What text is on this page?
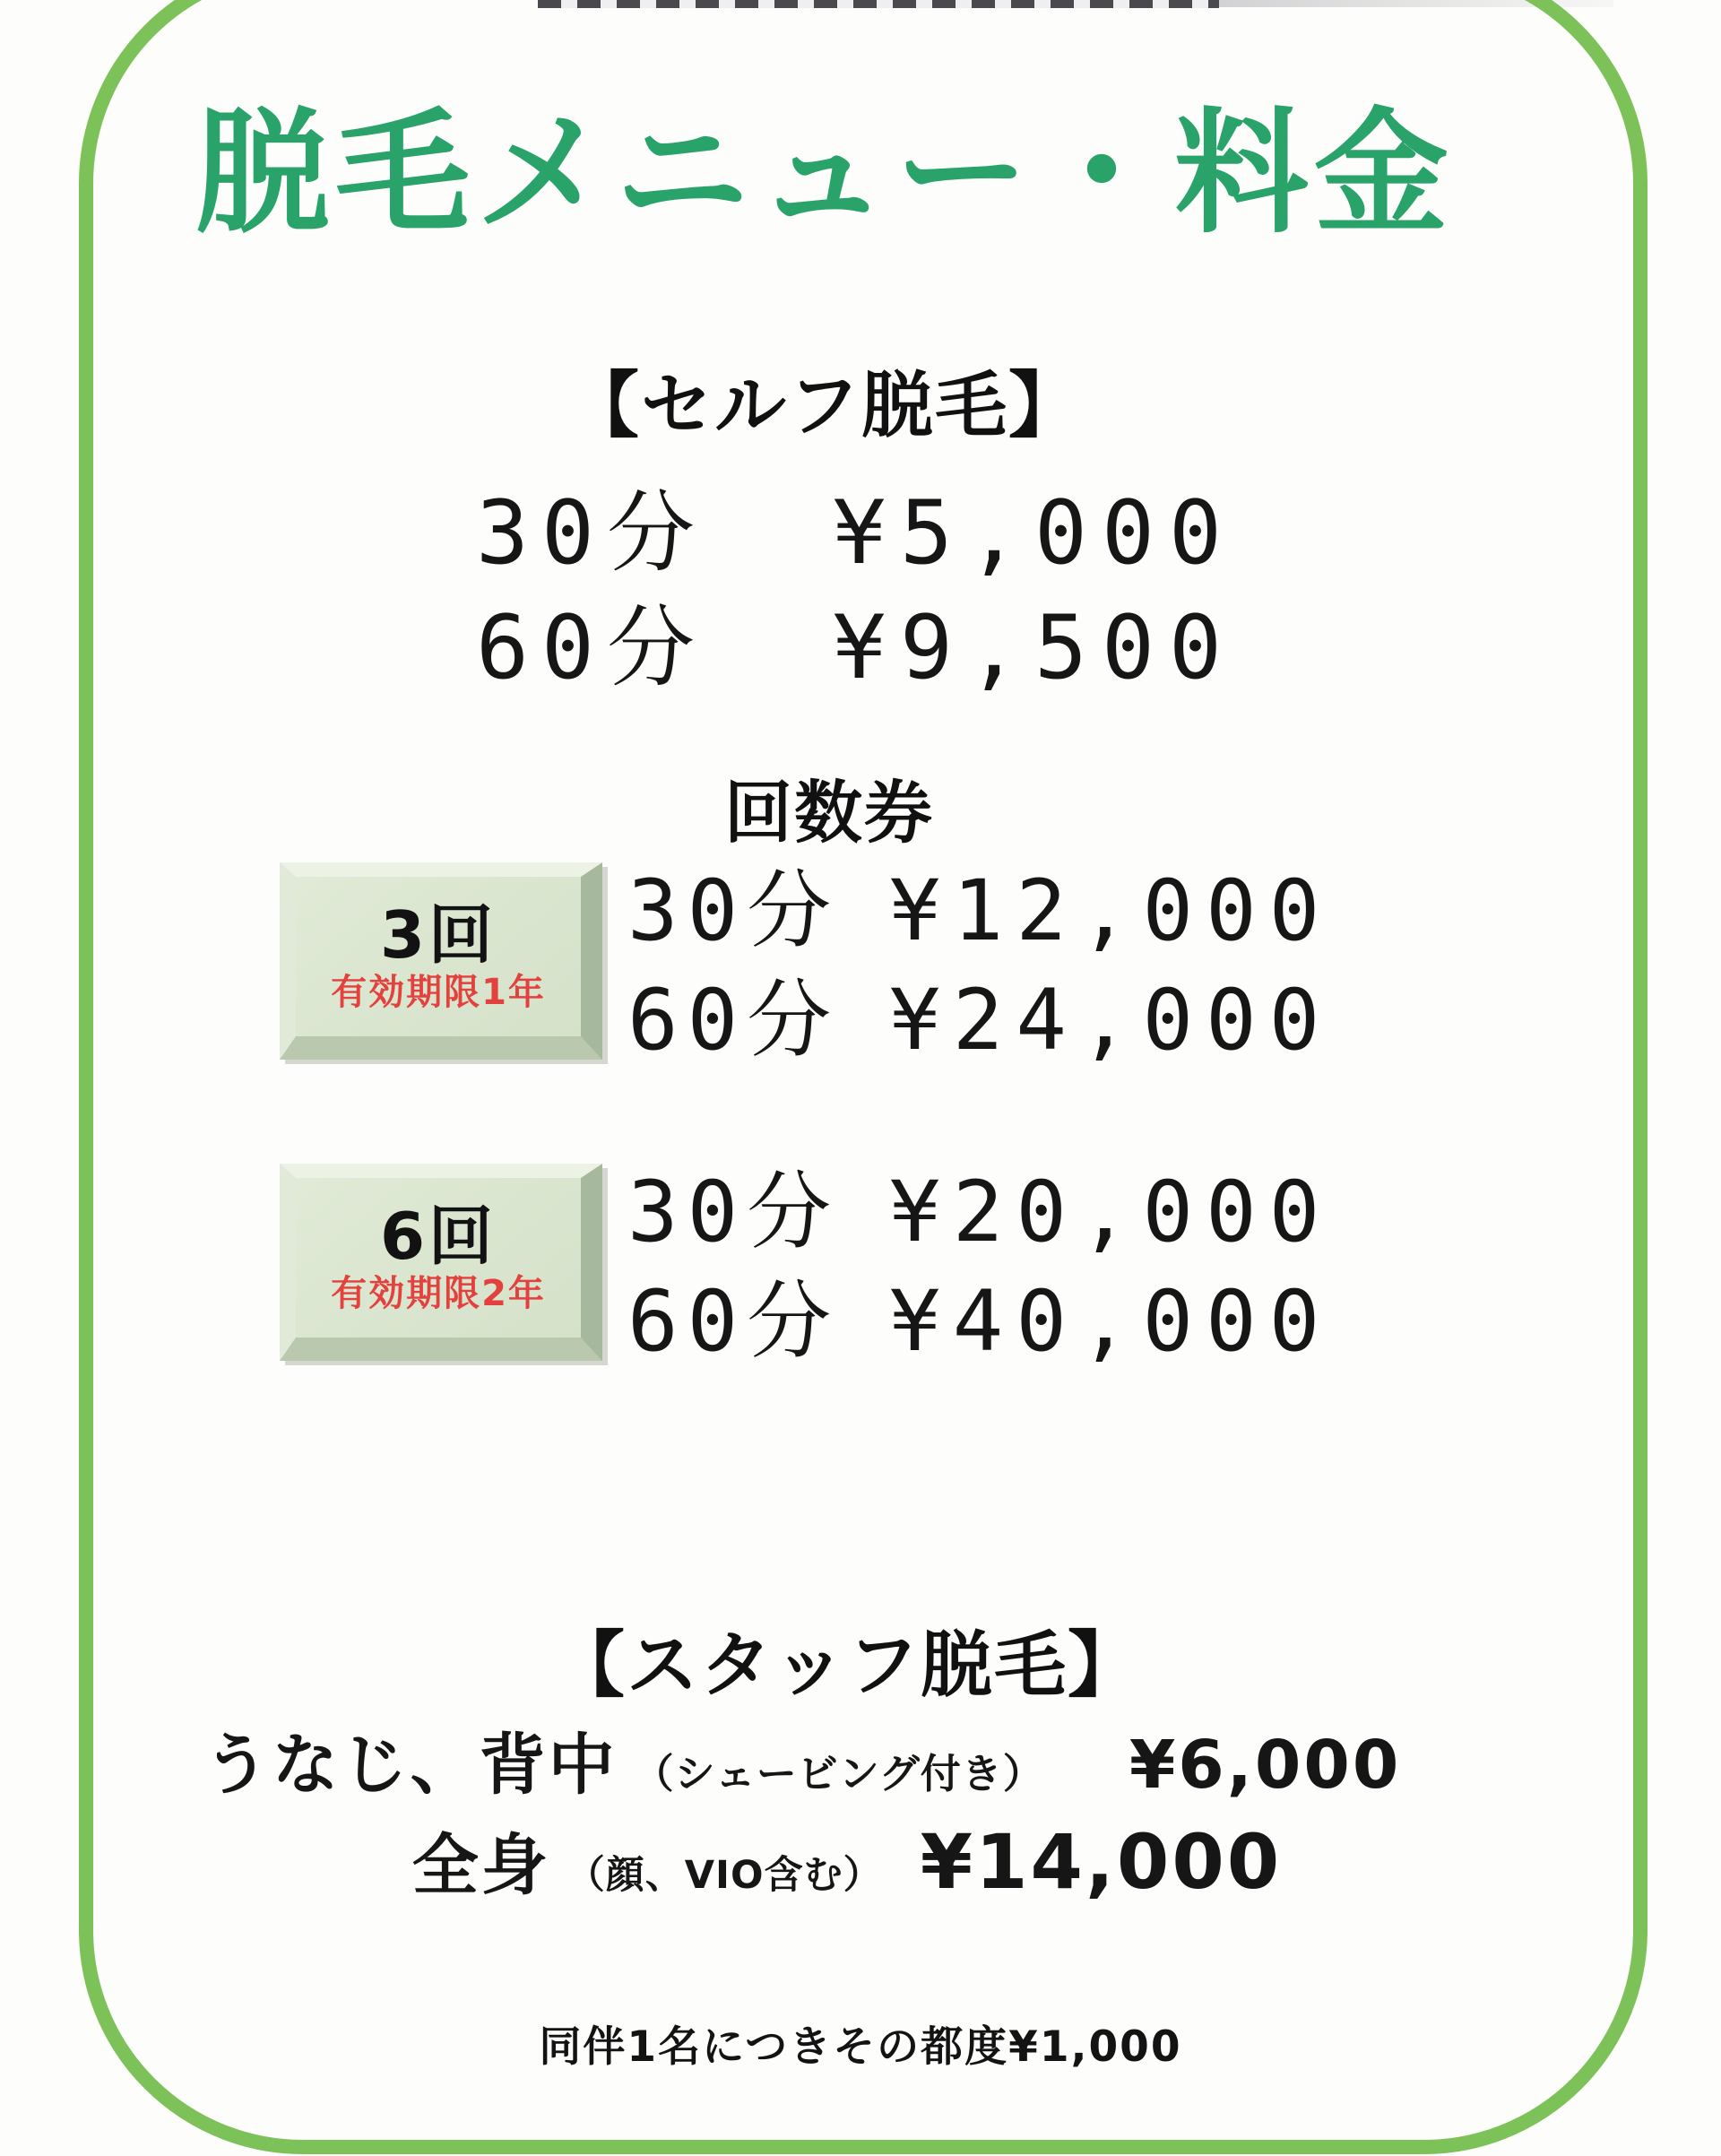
脱毛メニュー・料金
【セルフ脱毛】
30分 ¥5,000
60分 ¥9,500
回数券
3回
有効期限1年
30分 ¥12,000
60分 ¥24,000
6回
有効期限2年
30分 ¥20,000
60分 ¥40,000
【スタッフ脱毛】
うなじ、背中 （シェービング付き） ¥6,000
全身 （顔、VIO含む） ¥14,000
同伴1名につきその都度¥1,000
